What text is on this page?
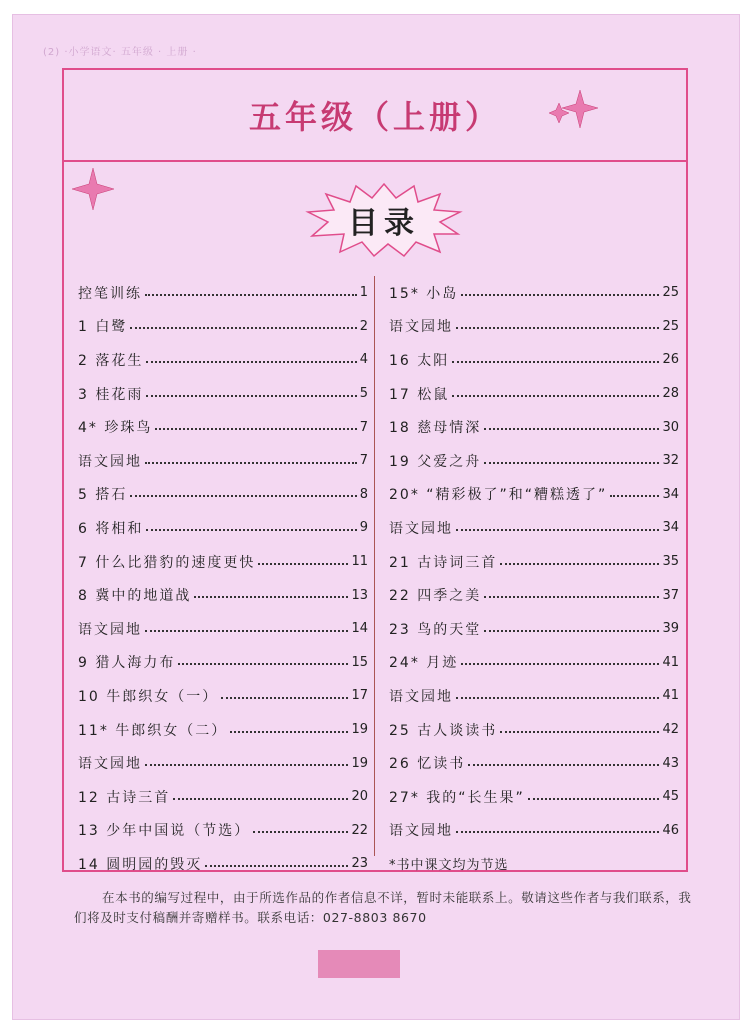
(2) ·小学语文· 五年级 · 上册 ·
五年级（上册）
目录
控笔训练	1
1 白鹭	2
2 落花生	4
3 桂花雨	5
4* 珍珠鸟	7
语文园地	7
5 搭石	8
6 将相和	9
7 什么比猎豹的速度更快	11
8 冀中的地道战	13
语文园地	14
9 猎人海力布	15
10 牛郎织女（一）	17
11* 牛郎织女（二）	19
语文园地	19
12 古诗三首	20
13 少年中国说（节选）	22
14 圆明园的毁灭	23
15* 小岛	25
语文园地	25
16 太阳	26
17 松鼠	28
18 慈母情深	30
19 父爱之舟	32
20* “精彩极了”和“糟糕透了”	34
语文园地	34
21 古诗词三首	35
22 四季之美	37
23 鸟的天堂	39
24* 月迹	41
语文园地	41
25 古人谈读书	42
26 忆读书	43
27* 我的“长生果”	45
语文园地	46
*书中课文均为节选

在本书的编写过程中，由于所选作品的作者信息不详，暂时未能联系上。敬请这些作者与我们联系，我们将及时支付稿酬并寄赠样书。联系电话：027-8803 8670
